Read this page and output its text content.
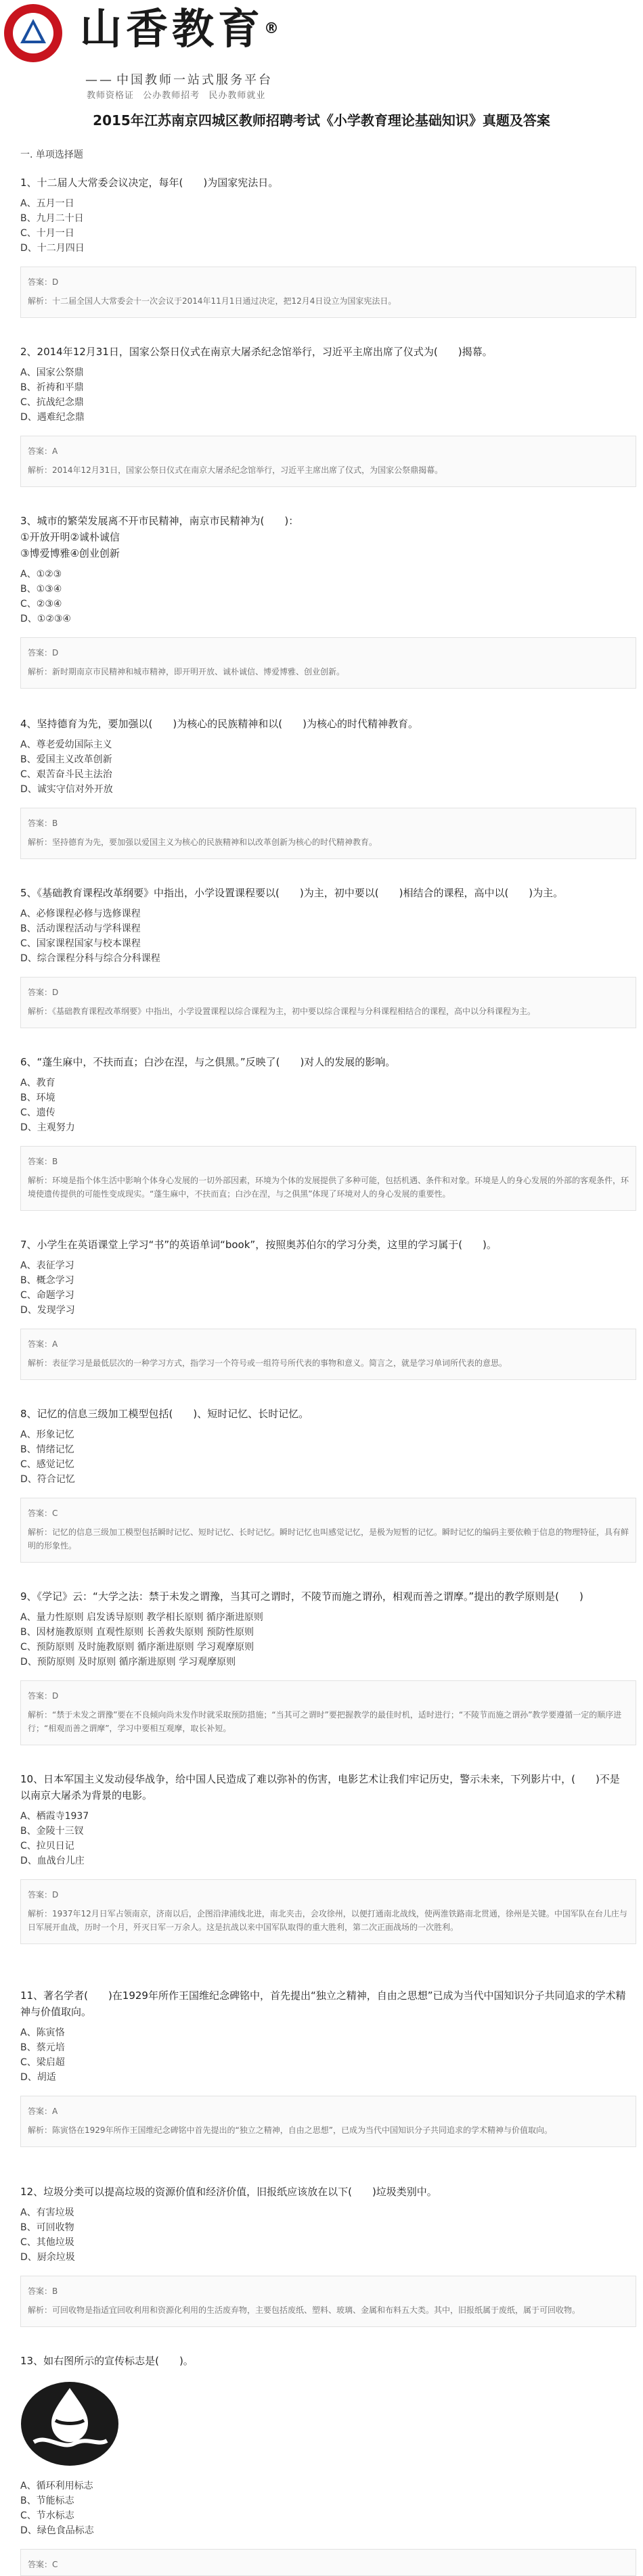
山香教育®
—— 中国教师一站式服务平台
教师资格证 公办教师招考 民办教师就业
2015年江苏南京四城区教师招聘考试《小学教育理论基础知识》真题及答案
一. 单项选择题
1、十二届人大常委会议决定，每年(　　)为国家宪法日。
A、五月一日
B、九月二十日
C、十月一日
D、十二月四日
答案：D
解析：十二届全国人大常委会十一次会议于2014年11月1日通过决定，把12月4日设立为国家宪法日。
2、2014年12月31日，国家公祭日仪式在南京大屠杀纪念馆举行，习近平主席出席了仪式为(　　)揭幕。
A、国家公祭鼎
B、祈祷和平鼎
C、抗战纪念鼎
D、遇难纪念鼎
答案：A
解析：2014年12月31日，国家公祭日仪式在南京大屠杀纪念馆举行，习近平主席出席了仪式，为国家公祭鼎揭幕。
3、城市的繁荣发展离不开市民精神，南京市民精神为(　　)：
①开放开明②诚朴诚信
③博爱博雅④创业创新
A、①②③
B、①③④
C、②③④
D、①②③④
答案：D
解析：新时期南京市民精神和城市精神，即开明开放、诚朴诚信、博爱博雅、创业创新。
4、坚持德育为先，要加强以(　　)为核心的民族精神和以(　　)为核心的时代精神教育。
A、尊老爱幼国际主义
B、爱国主义改革创新
C、艰苦奋斗民主法治
D、诚实守信对外开放
答案：B
解析：坚持德育为先，要加强以爱国主义为核心的民族精神和以改革创新为核心的时代精神教育。
5、《基础教育课程改革纲要》中指出，小学设置课程要以(　　)为主，初中要以(　　)相结合的课程，高中以(　　)为主。
A、必修课程必修与选修课程
B、活动课程活动与学科课程
C、国家课程国家与校本课程
D、综合课程分科与综合分科课程
答案：D
解析：《基础教育课程改革纲要》中指出，小学设置课程以综合课程为主，初中要以综合课程与分科课程相结合的课程，高中以分科课程为主。
6、“蓬生麻中，不扶而直；白沙在涅，与之俱黑。”反映了(　　)对人的发展的影响。
A、教育
B、环境
C、遗传
D、主观努力
答案：B
解析：环境是指个体生活中影响个体身心发展的一切外部因素，环境为个体的发展提供了多种可能，包括机遇、条件和对象。环境是人的身心发展的外部的客观条件，环境使遗传提供的可能性变成现实。“蓬生麻中，不扶而直；白沙在涅，与之俱黑”体现了环境对人的身心发展的重要性。
7、小学生在英语课堂上学习“书”的英语单词“book”，按照奥苏伯尔的学习分类，这里的学习属于(　　)。
A、表征学习
B、概念学习
C、命题学习
D、发现学习
答案：A
解析：表征学习是最低层次的一种学习方式，指学习一个符号或一组符号所代表的事物和意义。简言之，就是学习单词所代表的意思。
8、记忆的信息三级加工模型包括(　　)、短时记忆、长时记忆。
A、形象记忆
B、情绪记忆
C、感觉记忆
D、符合记忆
答案：C
解析：记忆的信息三级加工模型包括瞬时记忆、短时记忆、长时记忆。瞬时记忆也叫感觉记忆，是极为短暂的记忆。瞬时记忆的编码主要依赖于信息的物理特征，具有鲜明的形象性。
9、《学记》云：“大学之法：禁于未发之谓豫，当其可之谓时，不陵节而施之谓孙，相观而善之谓摩。”提出的教学原则是(　　)
A、量力性原则 启发诱导原则 教学相长原则 循序渐进原则
B、因材施教原则 直观性原则 长善救失原则 预防性原则
C、预防原则 及时施教原则 循序渐进原则 学习观摩原则
D、预防原则 及时原则 循序渐进原则 学习观摩原则
答案：D
解析：“禁于未发之谓豫”要在不良倾向尚未发作时就采取预防措施；“当其可之谓时”要把握教学的最佳时机，适时进行；“不陵节而施之谓孙”教学要遵循一定的顺序进行；“相观而善之谓摩”，学习中要相互观摩，取长补短。
10、日本军国主义发动侵华战争，给中国人民造成了难以弥补的伤害，电影艺术让我们牢记历史，警示未来，下列影片中，(　　)不是以南京大屠杀为背景的电影。
A、栖霞寺1937
B、金陵十三钗
C、拉贝日记
D、血战台儿庄
答案：D
解析：1937年12月日军占领南京，济南以后，企图沿津浦线北进，南北夹击，会攻徐州，以便打通南北战线，使两淮铁路南北贯通，徐州是关键。中国军队在台儿庄与日军展开血战，历时一个月，歼灭日军一万余人。这是抗战以来中国军队取得的重大胜利，第二次正面战场的一次胜利。
11、著名学者(　　)在1929年所作王国维纪念碑铭中，首先提出“独立之精神，自由之思想”已成为当代中国知识分子共同追求的学术精神与价值取向。
A、陈寅恪
B、蔡元培
C、梁启超
D、胡适
答案：A
解析：陈寅恪在1929年所作王国维纪念碑铭中首先提出的“独立之精神，自由之思想”，已成为当代中国知识分子共同追求的学术精神与价值取向。
12、垃圾分类可以提高垃圾的资源价值和经济价值，旧报纸应该放在以下(　　)垃圾类别中。
A、有害垃圾
B、可回收物
C、其他垃圾
D、厨余垃圾
答案：B
解析：可回收物是指适宜回收利用和资源化利用的生活废弃物，主要包括废纸、塑料、玻璃、金属和布料五大类。其中，旧报纸属于废纸，属于可回收物。
13、如右图所示的宣传标志是(　　)。
A、循环利用标志
B、节能标志
C、节水标志
D、绿色食品标志
答案：C
